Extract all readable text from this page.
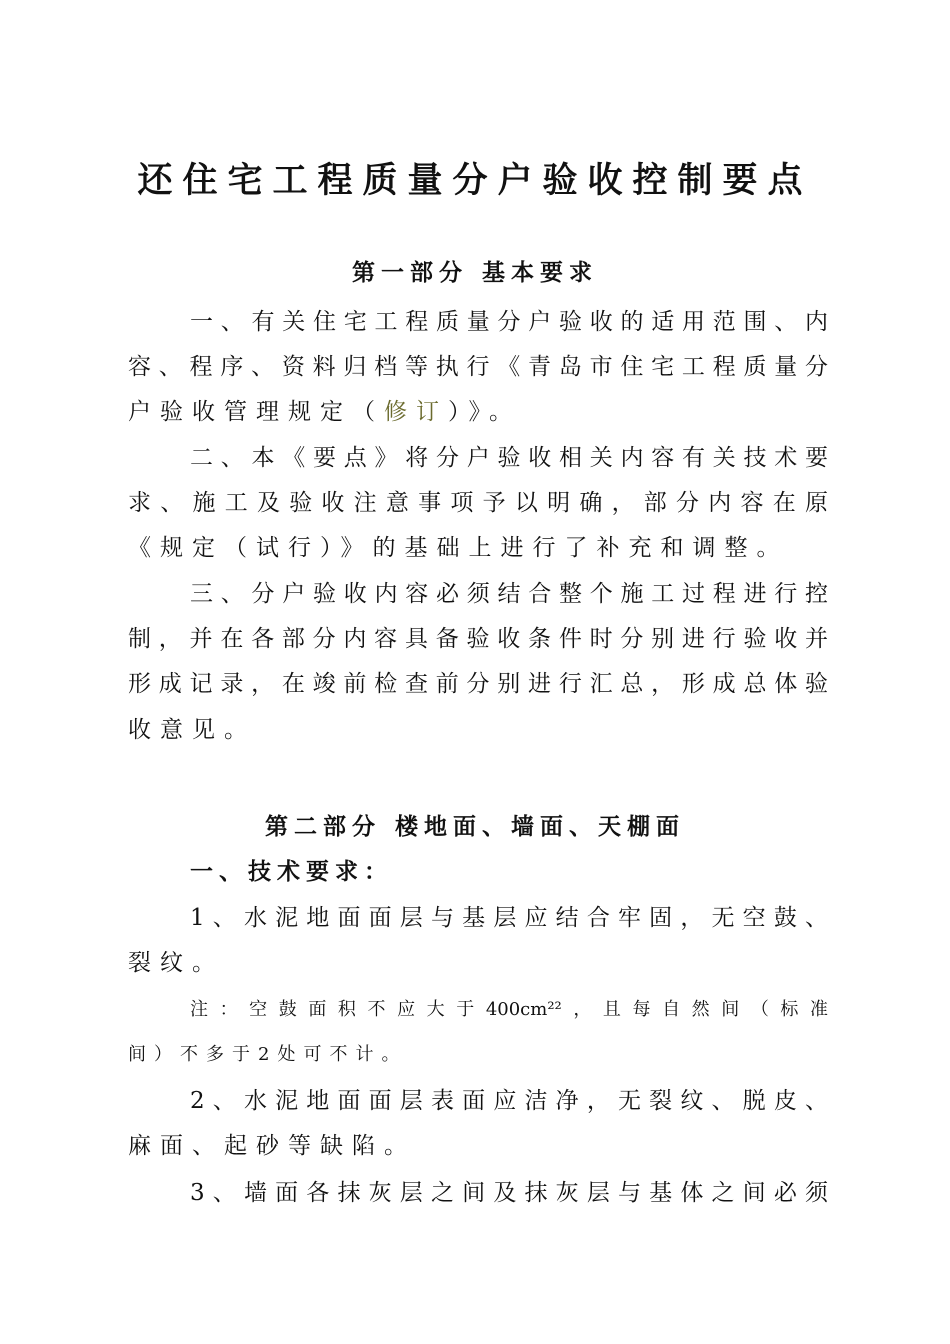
还住宅工程质量分户验收控制要点
第一部分 基本要求
一、有关住宅工程质量分户验收的适用范围、内
容、程序、资料归档等执行《青岛市住宅工程质量分
户验收管理规定（修订）》。
二、本《要点》将分户验收相关内容有关技术要
求、施工及验收注意事项予以明确，部分内容在原
《规定（试行）》的基础上进行了补充和调整。
三、分户验收内容必须结合整个施工过程进行控
制，并在各部分内容具备验收条件时分别进行验收并
形成记录，在竣前检查前分别进行汇总，形成总体验
收意见。
第二部分 楼地面、墙面、天棚面
一、技术要求：
1、水泥地面面层与基层应结合牢固，无空鼓、
裂纹。
注：空鼓面积不应大于400cm²²，且每自然间（标准
间）不多于2处可不计。
2、水泥地面面层表面应洁净，无裂纹、脱皮、
麻面、起砂等缺陷。
3、墙面各抹灰层之间及抹灰层与基体之间必须
